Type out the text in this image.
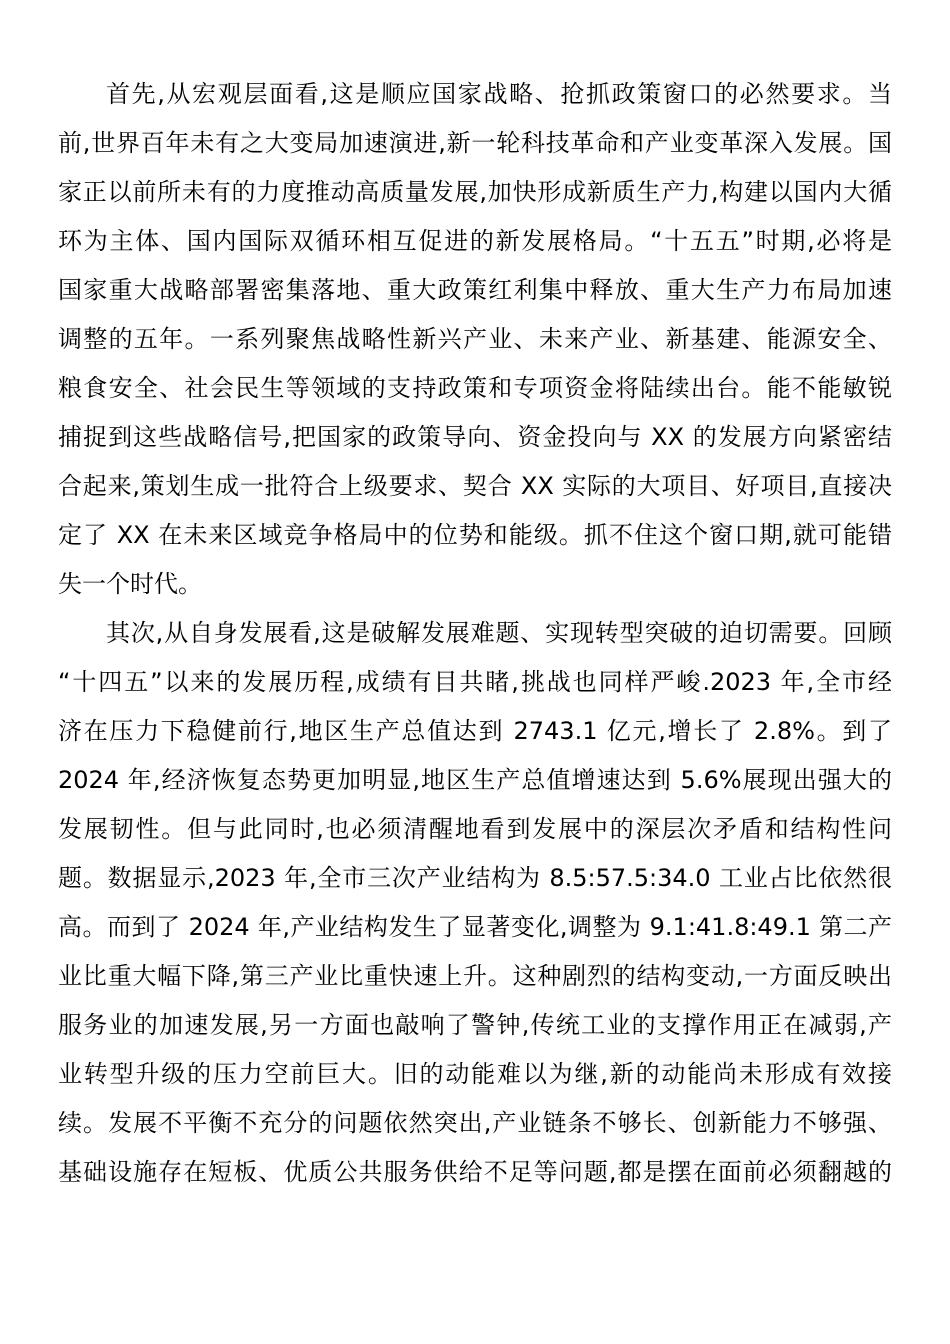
首先,从宏观层面看,这是顺应国家战略、抢抓政策窗口的必然要求。当
前,世界百年未有之大变局加速演进,新一轮科技革命和产业变革深入发展。国
家正以前所未有的力度推动高质量发展,加快形成新质生产力,构建以国内大循
环为主体、国内国际双循环相互促进的新发展格局。“十五五”时期,必将是
国家重大战略部署密集落地、重大政策红利集中释放、重大生产力布局加速
调整的五年。一系列聚焦战略性新兴产业、未来产业、新基建、能源安全、
粮食安全、社会民生等领域的支持政策和专项资金将陆续出台。能不能敏锐
捕捉到这些战略信号,把国家的政策导向、资金投向与 XX 的发展方向紧密结
合起来,策划生成一批符合上级要求、契合 XX 实际的大项目、好项目,直接决
定了 XX 在未来区域竞争格局中的位势和能级。抓不住这个窗口期,就可能错
失一个时代。
其次,从自身发展看,这是破解发展难题、实现转型突破的迫切需要。回顾
“十四五”以来的发展历程,成绩有目共睹,挑战也同样严峻.2023 年,全市经
济在压力下稳健前行,地区生产总值达到 2743.1 亿元,增长了 2.8%。到了
2024 年,经济恢复态势更加明显,地区生产总值增速达到 5.6%展现出强大的
发展韧性。但与此同时,也必须清醒地看到发展中的深层次矛盾和结构性问
题。数据显示,2023 年,全市三次产业结构为 8.5:57.5:34.0 工业占比依然很
高。而到了 2024 年,产业结构发生了显著变化,调整为 9.1:41.8:49.1 第二产
业比重大幅下降,第三产业比重快速上升。这种剧烈的结构变动,一方面反映出
服务业的加速发展,另一方面也敲响了警钟,传统工业的支撑作用正在减弱,产
业转型升级的压力空前巨大。旧的动能难以为继,新的动能尚未形成有效接
续。发展不平衡不充分的问题依然突出,产业链条不够长、创新能力不够强、
基础设施存在短板、优质公共服务供给不足等问题,都是摆在面前必须翻越的
